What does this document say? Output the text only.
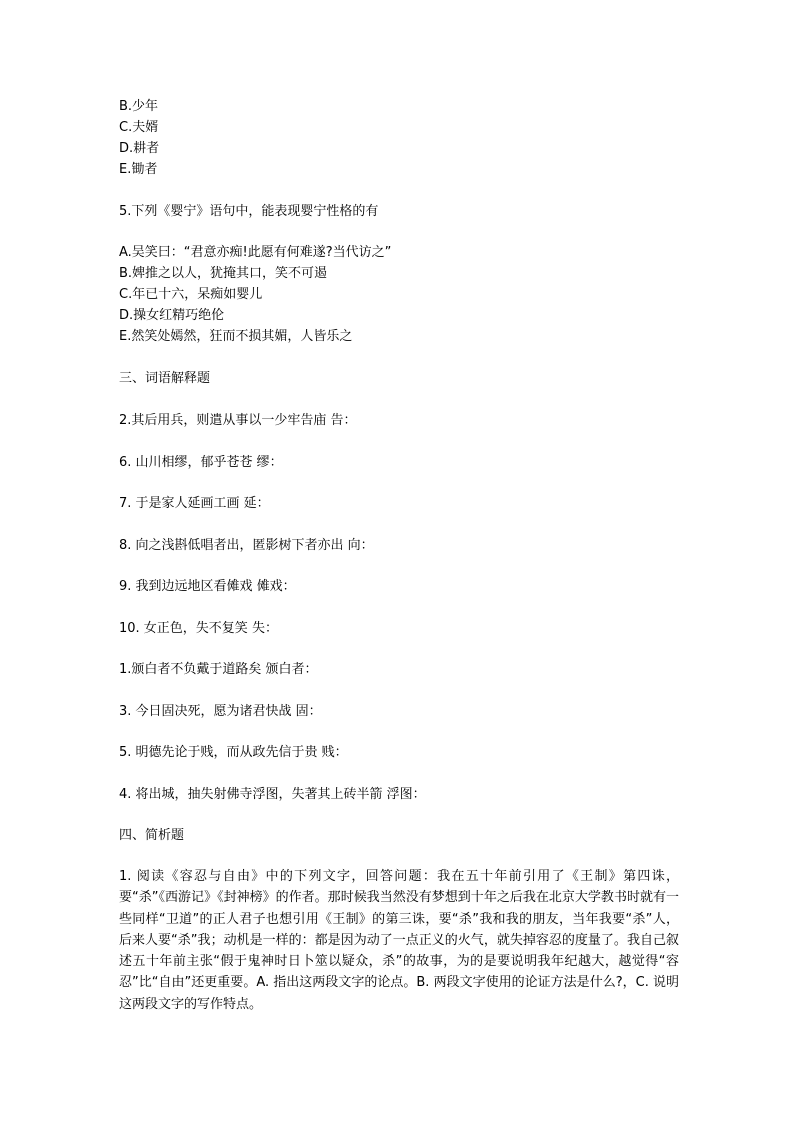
B.少年
C.夫婿
D.耕者
E.锄者
5.下列《婴宁》语句中，能表现婴宁性格的有
A.吴笑曰：“君意亦痴!此愿有何难遂?当代访之”
B.婢推之以人，犹掩其口，笑不可遏
C.年已十六，呆痴如婴儿
D.操女红精巧绝伦
E.然笑处嫣然，狂而不损其媚，人皆乐之
三、词语解释题
2.其后用兵，则遣从事以一少牢告庙 告：
6. 山川相缪，郁乎苍苍 缪：
7. 于是家人延画工画 延：
8. 向之浅斟低唱者出，匿影树下者亦出 向：
9. 我到边远地区看傩戏 傩戏：
10. 女正色，失不复笑 失：
1.颁白者不负戴于道路矣 颁白者：
3. 今日固决死，愿为诸君快战 固：
5. 明德先论于贱，而从政先信于贵 贱：
4. 将出城，抽失射佛寺浮图，失著其上砖半箭 浮图：
四、简析题
1. 阅读《容忍与自由》中的下列文字，回答问题：我在五十年前引用了《王制》第四诛，要“杀”《西游记》《封神榜》的作者。那时候我当然没有梦想到十年之后我在北京大学教书时就有一些同样“卫道”的正人君子也想引用《王制》的第三诛，要“杀”我和我的朋友，当年我要“杀”人，后来人要“杀”我；动机是一样的：都是因为动了一点正义的火气，就失掉容忍的度量了。我自己叙述五十年前主张“假于鬼神时日卜筮以疑众，杀”的故事，为的是要说明我年纪越大，越觉得“容忍”比“自由”还更重要。A. 指出这两段文字的论点。B. 两段文字使用的论证方法是什么?，C. 说明这两段文字的写作特点。
